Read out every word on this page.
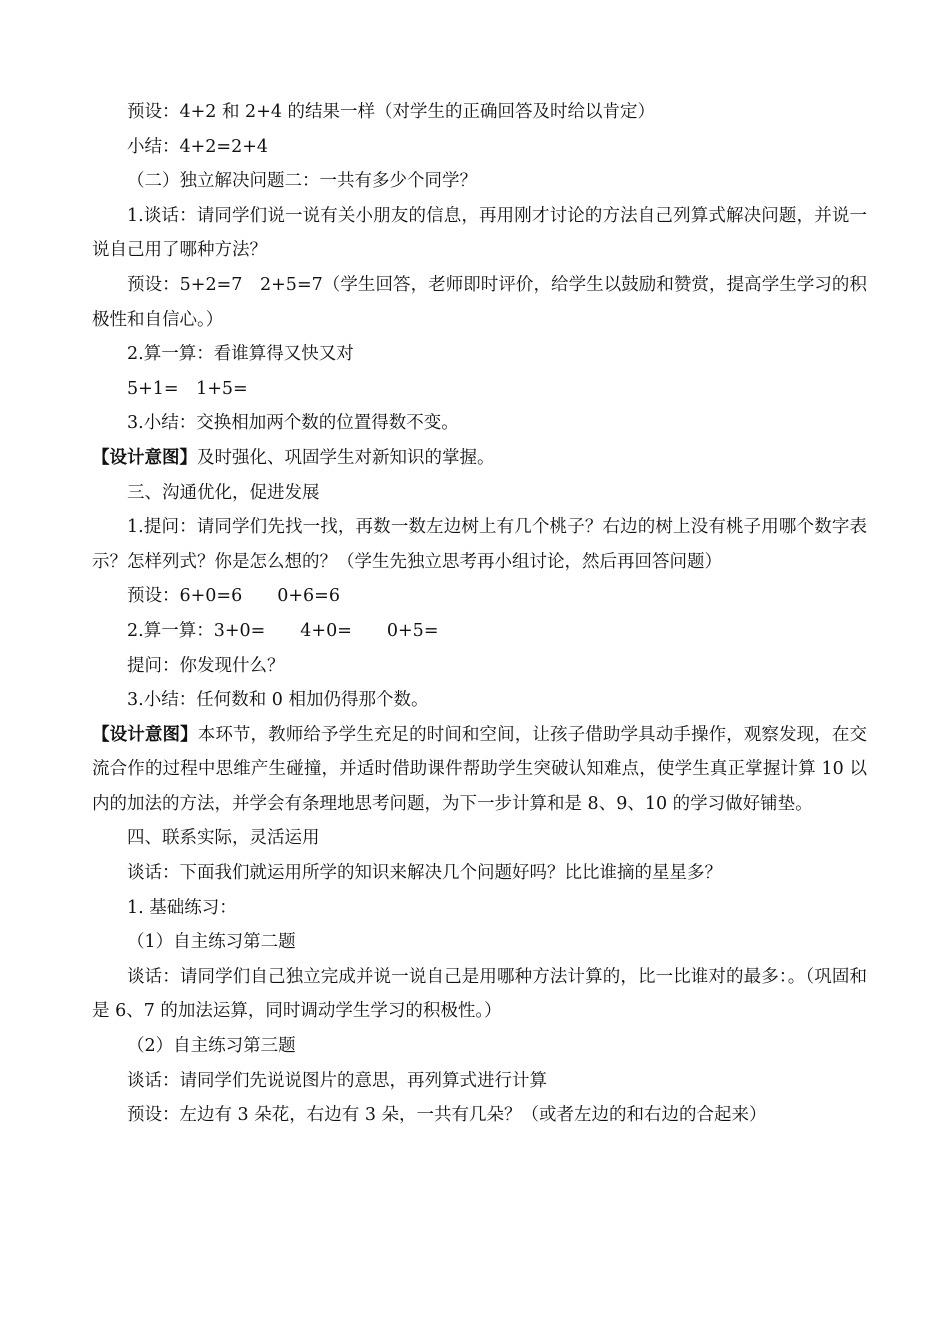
预设：4+2 和 2+4 的结果一样（对学生的正确回答及时给以肯定）

小结：4+2=2+4

（二）独立解决问题二：一共有多少个同学？

1.谈话：请同学们说一说有关小朋友的信息，再用刚才讨论的方法自己列算式解决问题，并说一说自己用了哪种方法？

预设：5+2=7　2+5=7（学生回答，老师即时评价，给学生以鼓励和赞赏，提高学生学习的积极性和自信心。）

2.算一算：看谁算得又快又对

5+1=　1+5=

3.小结：交换相加两个数的位置得数不变。

【设计意图】及时强化、巩固学生对新知识的掌握。

三、沟通优化，促进发展

1.提问：请同学们先找一找，再数一数左边树上有几个桃子？右边的树上没有桃子用哪个数字表示？怎样列式？你是怎么想的？（学生先独立思考再小组讨论，然后再回答问题）

预设：6+0=6　　0+6=6

2.算一算：3+0=　　4+0=　　0+5=

提问：你发现什么？

3.小结：任何数和 0 相加仍得那个数。

【设计意图】本环节，教师给予学生充足的时间和空间，让孩子借助学具动手操作，观察发现，在交流合作的过程中思维产生碰撞，并适时借助课件帮助学生突破认知难点，使学生真正掌握计算 10 以内的加法的方法，并学会有条理地思考问题，为下一步计算和是 8、9、10 的学习做好铺垫。

四、联系实际，灵活运用

谈话：下面我们就运用所学的知识来解决几个问题好吗？比比谁摘的星星多？

1. 基础练习：

（1）自主练习第二题

谈话：请同学们自己独立完成并说一说自己是用哪种方法计算的，比一比谁对的最多：。（巩固和是 6、7 的加法运算，同时调动学生学习的积极性。）

（2）自主练习第三题

谈话：请同学们先说说图片的意思，再列算式进行计算

预设：左边有 3 朵花，右边有 3 朵，一共有几朵？（或者左边的和右边的合起来）
